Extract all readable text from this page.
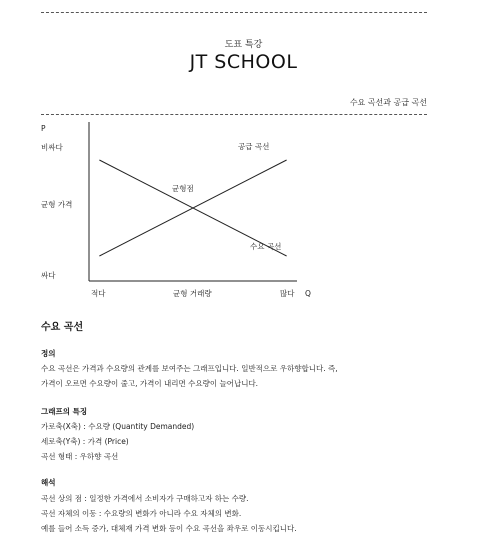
도표 특강
JT SCHOOL
수요 곡선과 공급 곡선
P
Q
비싸다
균형 가격
싸다
적다	균형 거래량	많다
공급 곡선
수요 곡선
균형점
수요 곡선
정의
수요 곡선은 가격과 수요량의 관계를 보여주는 그래프입니다. 일반적으로 우하향합니다. 즉,
가격이 오르면 수요량이 줄고, 가격이 내리면 수요량이 늘어납니다.
그래프의 특징
가로축(X축) : 수요량 (Quantity Demanded)
세로축(Y축) : 가격 (Price)
곡선 형태 : 우하향 곡선
해석
곡선 상의 점 : 일정한 가격에서 소비자가 구매하고자 하는 수량.
곡선 자체의 이동 : 수요량의 변화가 아니라 수요 자체의 변화.
예를 들어 소득 증가, 대체재 가격 변화 등이 수요 곡선을 좌우로 이동시킵니다.
